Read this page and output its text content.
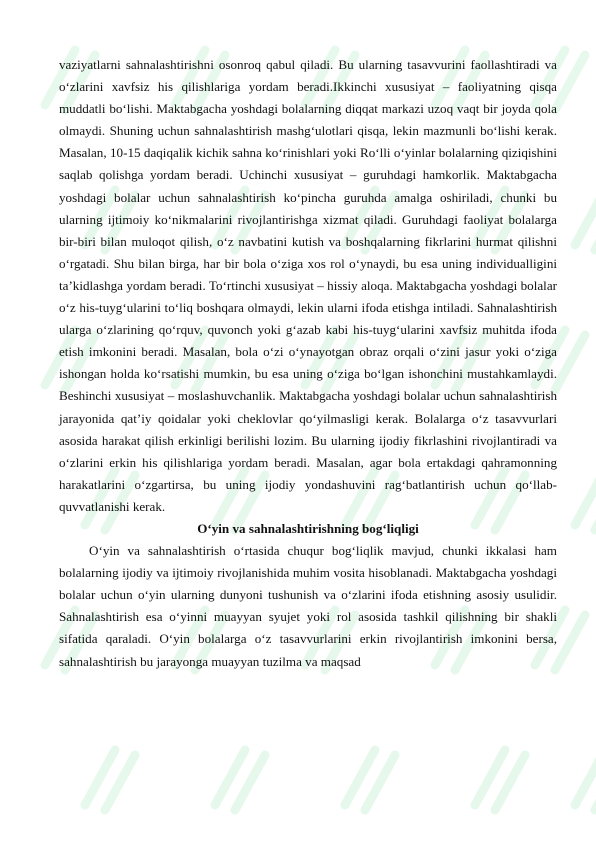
vaziyatlarni sahnalashtirishni osonroq qabul qiladi. Bu ularning tasavvurini faollashtiradi va o‘zlarini xavfsiz his qilishlariga yordam beradi.Ikkinchi xususiyat – faoliyatning qisqa muddatli bo‘lishi. Maktabgacha yoshdagi bolalarning diqqat markazi uzoq vaqt bir joyda qola olmaydi. Shuning uchun sahnalashtirish mashg‘ulotlari qisqa, lekin mazmunli bo‘lishi kerak. Masalan, 10-15 daqiqalik kichik sahna ko‘rinishlari yoki Ro‘lli o‘yinlar bolalarning qiziqishini saqlab qolishga yordam beradi. Uchinchi xususiyat – guruhdagi hamkorlik. Maktabgacha yoshdagi bolalar uchun sahnalashtirish ko‘pincha guruhda amalga oshiriladi, chunki bu ularning ijtimoiy ko‘nikmalarini rivojlantirishga xizmat qiladi. Guruhdagi faoliyat bolalarga bir-biri bilan muloqot qilish, o‘z navbatini kutish va boshqalarning fikrlarini hurmat qilishni o‘rgatadi. Shu bilan birga, har bir bola o‘ziga xos rol o‘ynaydi, bu esa uning individualligini ta’kidlashga yordam beradi. To‘rtinchi xususiyat – hissiy aloqa. Maktabgacha yoshdagi bolalar o‘z his-tuyg‘ularini to‘liq boshqara olmaydi, lekin ularni ifoda etishga intiladi. Sahnalashtirish ularga o‘zlarining qo‘rquv, quvonch yoki g‘azab kabi his-tuyg‘ularini xavfsiz muhitda ifoda etish imkonini beradi. Masalan, bola o‘zi o‘ynayotgan obraz orqali o‘zini jasur yoki o‘ziga ishongan holda ko‘rsatishi mumkin, bu esa uning o‘ziga bo‘lgan ishonchini mustahkamlaydi. Beshinchi xususiyat – moslashuvchanlik. Maktabgacha yoshdagi bolalar uchun sahnalashtirish jarayonida qat’iy qoidalar yoki cheklovlar qo‘yilmasligi kerak. Bolalarga o‘z tasavvurlari asosida harakat qilish erkinligi berilishi lozim. Bu ularning ijodiy fikrlashini rivojlantiradi va o‘zlarini erkin his qilishlariga yordam beradi. Masalan, agar bola ertakdagi qahramonning harakatlarini o‘zgartirsa, bu uning ijodiy yondashuvini rag‘batlantirish uchun qo‘llab-quvvatlanishi kerak.

O‘yin va sahnalashtirishning bog‘liqligi

O‘yin va sahnalashtirish o‘rtasida chuqur bog‘liqlik mavjud, chunki ikkalasi ham bolalarning ijodiy va ijtimoiy rivojlanishida muhim vosita hisoblanadi. Maktabgacha yoshdagi bolalar uchun o‘yin ularning dunyoni tushunish va o‘zlarini ifoda etishning asosiy usulidir. Sahnalashtirish esa o‘yinni muayyan syujet yoki rol asosida tashkil qilishning bir shakli sifatida qaraladi. O‘yin bolalarga o‘z tasavvurlarini erkin rivojlantirish imkonini bersa, sahnalashtirish bu jarayonga muayyan tuzilma va maqsad
